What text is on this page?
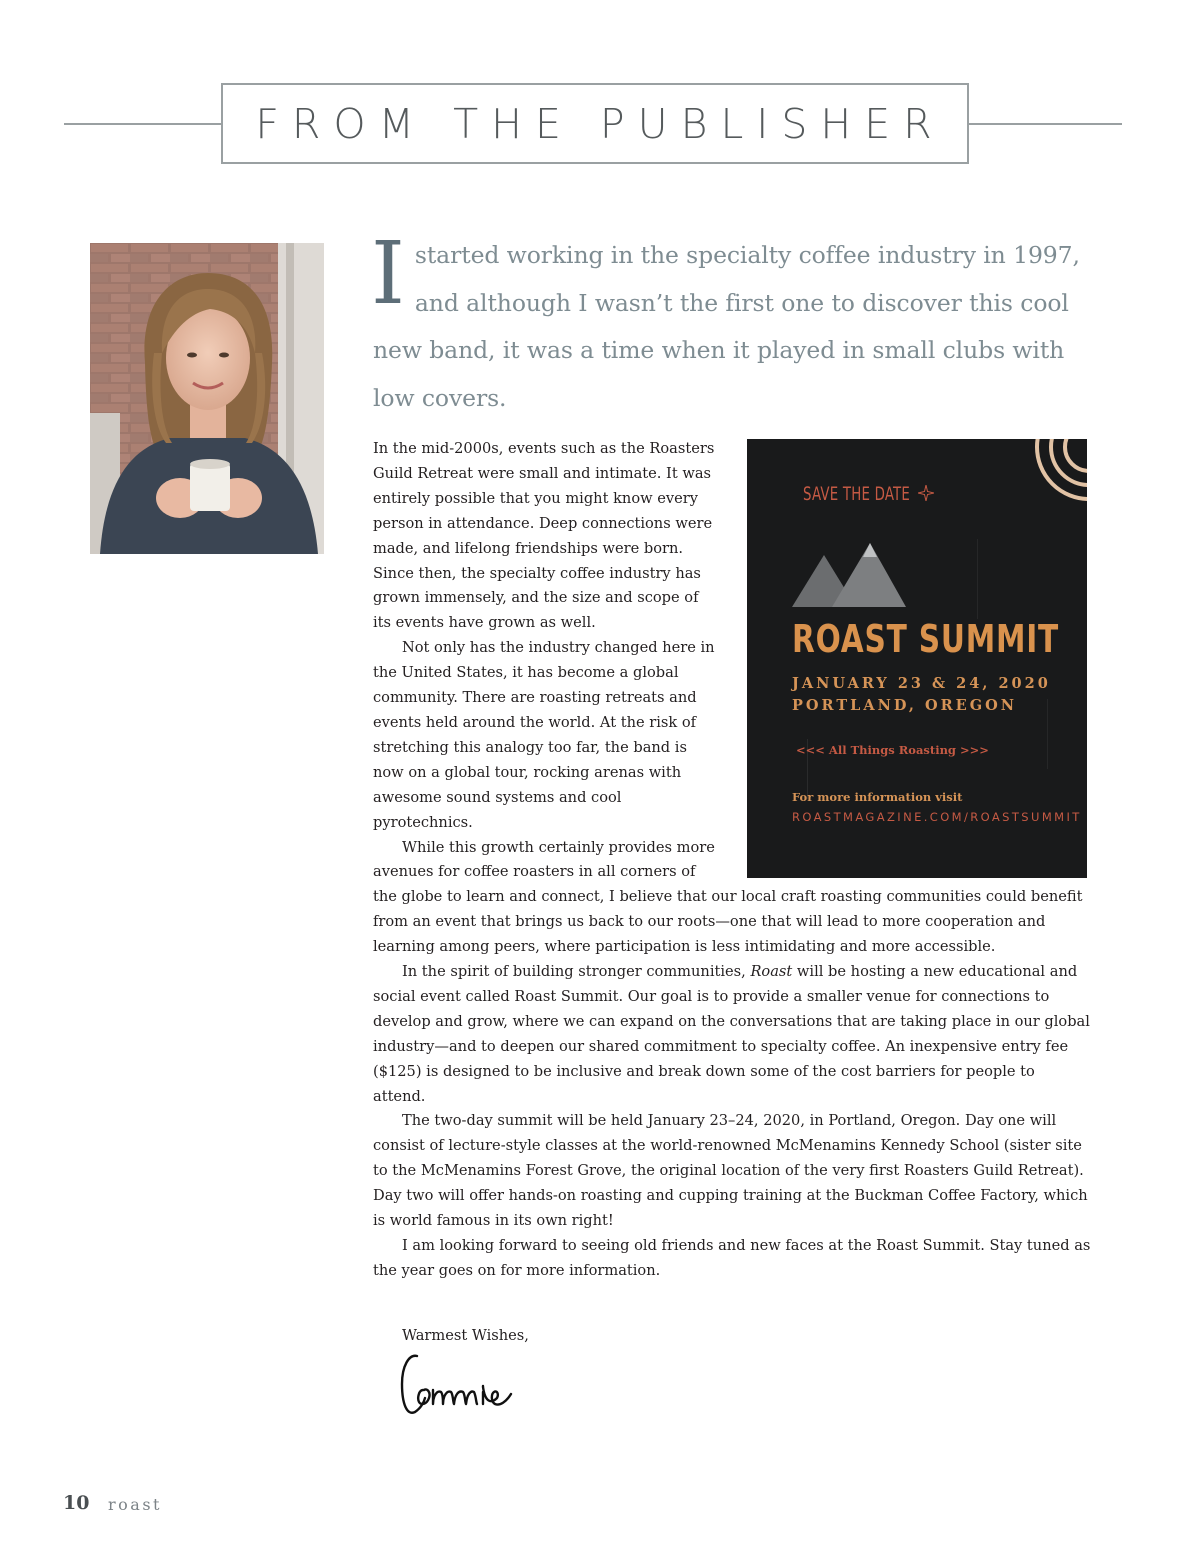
FROM THE PUBLISHER
Istarted working in the specialty coffee industry in 1997, and although I wasn’t the first one to discover this cool new band, it was a time when it played in small clubs with low covers.

In the mid-2000s, events such as the Roasters Guild Retreat were small and intimate. It was entirely possible that you might know every person in attendance. Deep connections were made, and lifelong friendships were born. Since then, the specialty coffee industry has grown immensely, and the size and scope of its events have grown as well.

Not only has the industry changed here in the United States, it has become a global community. There are roasting retreats and events held around the world. At the risk of stretching this analogy too far, the band is now on a global tour, rocking arenas with awesome sound systems and cool pyrotechnics.

While this growth certainly provides more avenues for coffee roasters in all corners of the globe to learn and connect, I believe that our local craft roasting communities could benefit from an event that brings us back to our roots—one that will lead to more cooperation and learning among peers, where participation is less intimidating and more accessible.

In the spirit of building stronger communities, Roast will be hosting a new educational and social event called Roast Summit. Our goal is to provide a smaller venue for connections to develop and grow, where we can expand on the conversations that are taking place in our global industry—and to deepen our shared commitment to specialty coffee. An inexpensive entry fee ($125) is designed to be inclusive and break down some of the cost barriers for people to attend.

The two-day summit will be held January 23–24, 2020, in Portland, Oregon. Day one will consist of lecture-style classes at the world-renowned McMenamins Kennedy School (sister site to the McMenamins Forest Grove, the original location of the very first Roasters Guild Retreat). Day two will offer hands-on roasting and cupping training at the Buckman Coffee Factory, which is world famous in its own right!

I am looking forward to seeing old friends and new faces at the Roast Summit. Stay tuned as the year goes on for more information.

SAVE THE DATE
ROAST SUMMIT
JANUARY 23 & 24, 2020
PORTLAND, OREGON
<<< All Things Roasting >>>
For more information visit
ROASTMAGAZINE.COM/ROASTSUMMIT
Warmest Wishes,
10 roast
